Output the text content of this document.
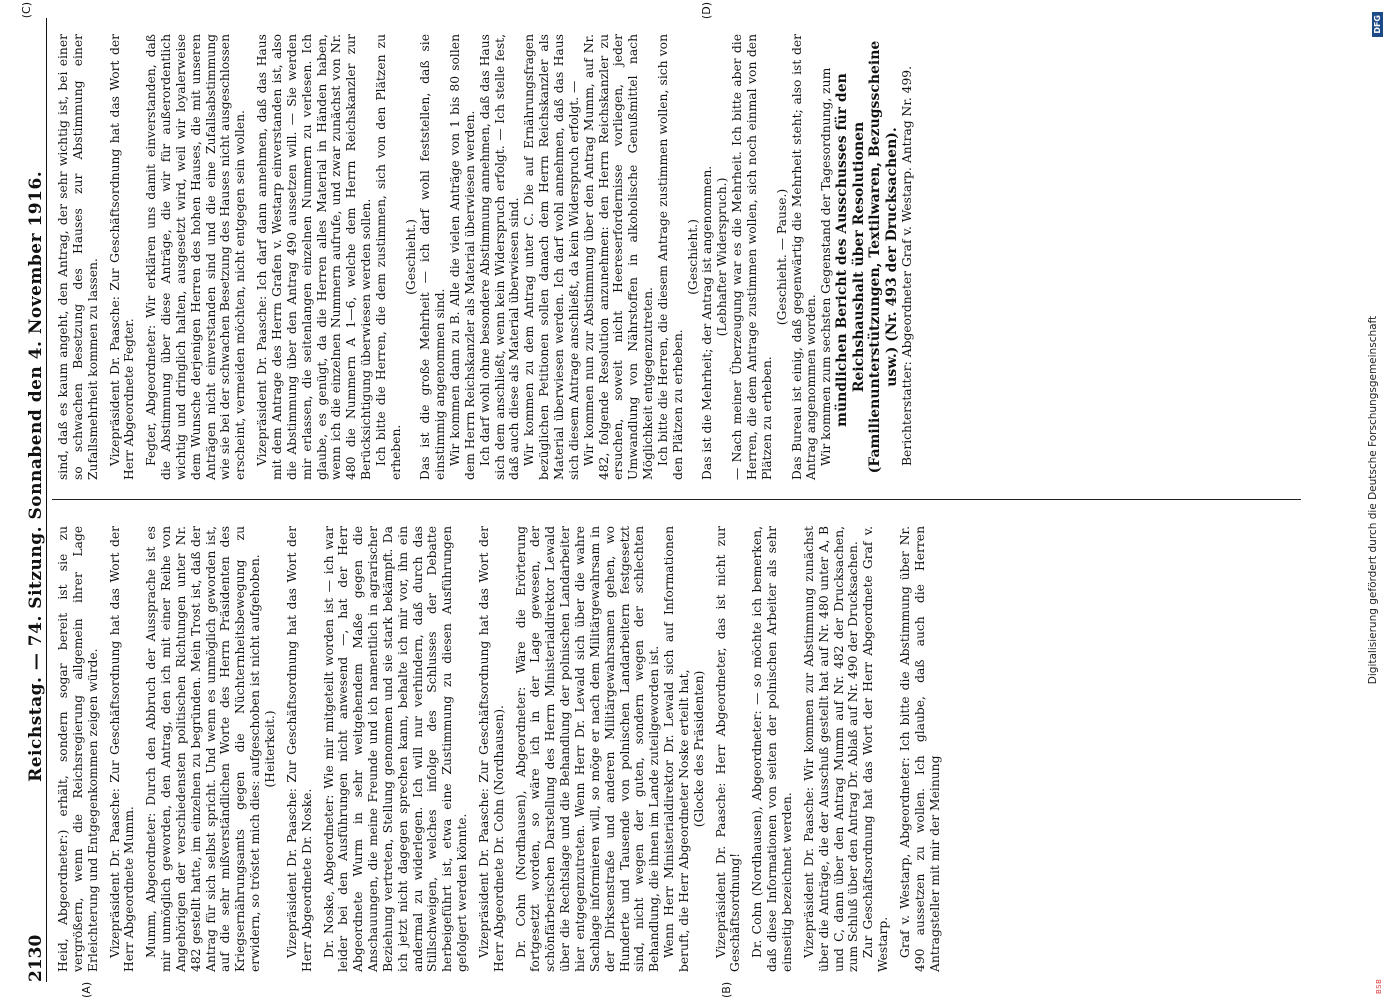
2130
Reichstag. — 74. Sitzung. Sonnabend den 4. November 1916.
(A)	(B)
(C)	(D)

Heid, Abgeordneter:) erhält, sondern sogar bereit ist sie zu vergrößern, wenn die Reichsregierung allgemein ihrer Lage Erleichterung und Entgegenkommen zeigen würde. Vizepräsident Dr. Paasche: Zur Geschäftsordnung hat das Wort der Herr Abgeordnete Mumm. Mumm, Abgeordneter: Durch den Abbruch der Aussprache ist es mir unmöglich geworden, den Antrag, den ich mit einer Reihe von Angehörigen der verschiedensten politischen Richtungen unter Nr. 482 gestellt hatte, im einzelnen zu begründen. Mein Trost ist, daß der Antrag für sich selbst spricht. Und wenn es unmöglich geworden ist, auf die sehr mißverständlichen Worte des Herrn Präsidenten des Kriegsernährungsamts gegen die Nüchternheitsbewegung zu erwidern, so tröstet mich dies: aufgeschoben ist nicht aufgehoben. (Heiterkeit.) Vizepräsident Dr. Paasche: Zur Geschäftsordnung hat das Wort der Herr Abgeordnete Dr. Noske. Dr. Noske, Abgeordneter: Wie mir mitgeteilt worden ist — ich war leider bei den Ausführungen nicht anwesend —, hat der Herr Abgeordnete Wurm in sehr weitgehendem Maße gegen die Anschauungen, die meine Freunde und ich namentlich in agrarischer Beziehung vertreten, Stellung genommen und sie stark bekämpft. Da ich jetzt nicht dagegen sprechen kann, behalte ich mir vor, ihn ein andermal zu widerlegen. Ich will nur verhindern, daß durch das Stillschweigen, welches infolge des Schlusses der Debatte herbeigeführt ist, etwa eine Zustimmung zu diesen Ausführungen gefolgert werden könnte. Vizepräsident Dr. Paasche: Zur Geschäftsordnung hat das Wort der Herr Abgeordnete Dr. Cohn (Nordhausen). Dr. Cohn (Nordhausen), Abgeordneter: Wäre die Erörterung fortgesetzt worden, so wäre ich in der Lage gewesen, der schönfärberischen Darstellung des Herrn Ministerialdirektor Lewald über die Rechtslage und die Behandlung der polnischen Landarbeiter hier entgegenzutreten. Wenn Herr Dr. Lewald sich über die wahre Sachlage informieren will, so möge er nach dem Militärgewahrsam in der Dirksenstraße und anderen Militärgewahrsamen gehen, wo Hunderte und Tausende von polnischen Landarbeitern festgesetzt sind, nicht wegen der guten, sondern wegen der schlechten Behandlung, die ihnen im Lande zuteilgeworden ist. Wenn Herr Ministerialdirektor Dr. Lewald sich auf Informationen beruft, die Herr Abgeordneter Noske erteilt hat, (Glocke des Präsidenten) Vizepräsident Dr. Paasche: Herr Abgeordneter, das ist nicht zur Geschäftsordnung! Dr. Cohn (Nordhausen), Abgeordneter: — so möchte ich bemerken, daß diese Informationen von seiten der polnischen Arbeiter als sehr einseitig bezeichnet werden. Vizepräsident Dr. Paasche: Wir kommen zur Abstimmung zunächst über die Anträge, die der Ausschuß gestellt hat auf Nr. 480 unter A, B und C, dann über den Antrag Mumm auf Nr. 482 der Drucksachen, zum Schluß über den Antrag Dr. Ablaß auf Nr. 490 der Drucksachen. Zur Geschäftsordnung hat das Wort der Herr Abgeordnete Graf v. Westarp. Graf v. Westarp, Abgeordneter: Ich bitte die Abstimmung über Nr. 490 aussetzen zu wollen. Ich glaube, daß auch die Herren Antragsteller mit mir der Meinung

sind, daß es kaum angeht, den Antrag, der sehr wichtig ist, bei einer so schwachen Besetzung des Hauses zur Abstimmung einer Zufallsmehrheit kommen zu lassen. Vizepräsident Dr. Paasche: Zur Geschäftsordnung hat das Wort der Herr Abgeordnete Fegter. Fegter, Abgeordneter: Wir erklären uns damit einverstanden, daß die Abstimmung über diese Anträge, die wir für außerordentlich wichtig und dringlich halten, ausgesetzt wird, weil wir loyalerweise dem Wunsche derjenigen Herren des hohen Hauses, die mit unseren Anträgen nicht einverstanden sind und die eine Zufallsabstimmung wie sie bei der schwachen Besetzung des Hauses nicht ausgeschlossen erscheint, vermeiden möchten, nicht entgegen sein wollen. Vizepräsident Dr. Paasche: Ich darf dann annehmen, daß das Haus mit dem Antrage des Herrn Grafen v. Westarp einverstanden ist, also die Abstimmung über den Antrag 490 aussetzen will. — Sie werden mir erlassen, die seitenlangen einzelnen Nummern zu verlesen. Ich glaube, es genügt, da die Herren alles Material in Händen haben, wenn ich die einzelnen Nummern aufrufe, und zwar zunächst von Nr. 480 die Nummern A 1—6, welche dem Herrn Reichskanzler zur Berücksichtigung überwiesen werden sollen. Ich bitte die Herren, die dem zustimmen, sich von den Plätzen zu erheben.

(Geschieht.) Das ist die große Mehrheit — ich darf wohl feststellen, daß sie einstimmig angenommen sind. Wir kommen dann zu B. Alle die vielen Anträge von 1 bis 80 sollen dem Herrn Reichskanzler als Material überwiesen werden. Ich darf wohl ohne besondere Abstimmung annehmen, daß das Haus sich dem anschließt, wenn kein Widerspruch erfolgt. — Ich stelle fest, daß auch diese als Material überwiesen sind. Wir kommen zu dem Antrag unter C. Die auf Ernährungsfragen bezüglichen Petitionen sollen danach dem Herrn Reichskanzler als Material überwiesen werden. Ich darf wohl annehmen, daß das Haus sich diesem Antrage anschließt, da kein Widerspruch erfolgt. — Wir kommen nun zur Abstimmung über den Antrag Mumm, auf Nr. 482, folgende Resolution anzunehmen: den Herrn Reichskanzler zu ersuchen, soweit nicht Heereserfordernisse vorliegen, jeder Umwandlung von Nährstoffen in alkoholische Genußmittel nach Möglichkeit entgegenzutreten. Ich bitte die Herren, die diesem Antrage zustimmen wollen, sich von den Plätzen zu erheben.

(Geschieht.) Das ist die Mehrheit; der Antrag ist angenommen. (Lebhafter Widerspruch.) — Nach meiner Überzeugung war es die Mehrheit. Ich bitte aber die Herren, die dem Antrage zustimmen wollen, sich noch einmal von den Plätzen zu erheben.

(Geschieht. — Pause.) Das Bureau ist einig, daß gegenwärtig die Mehrheit steht; also ist der Antrag angenommen worden. Wir kommen zum sechsten Gegenstand der Tagesordnung, zum mündlichen Bericht des Ausschusses für den Reichshaushalt über Resolutionen (Familienunterstützungen, Textilwaren, Bezugsscheine usw.) (Nr. 493 der Drucksachen). Berichterstatter: Abgeordneter Graf v. Westarp. Antrag Nr. 499.

Digitalisierung gefördert durch die Deutsche Forschungsgemeinschaft
BSB
DFG
